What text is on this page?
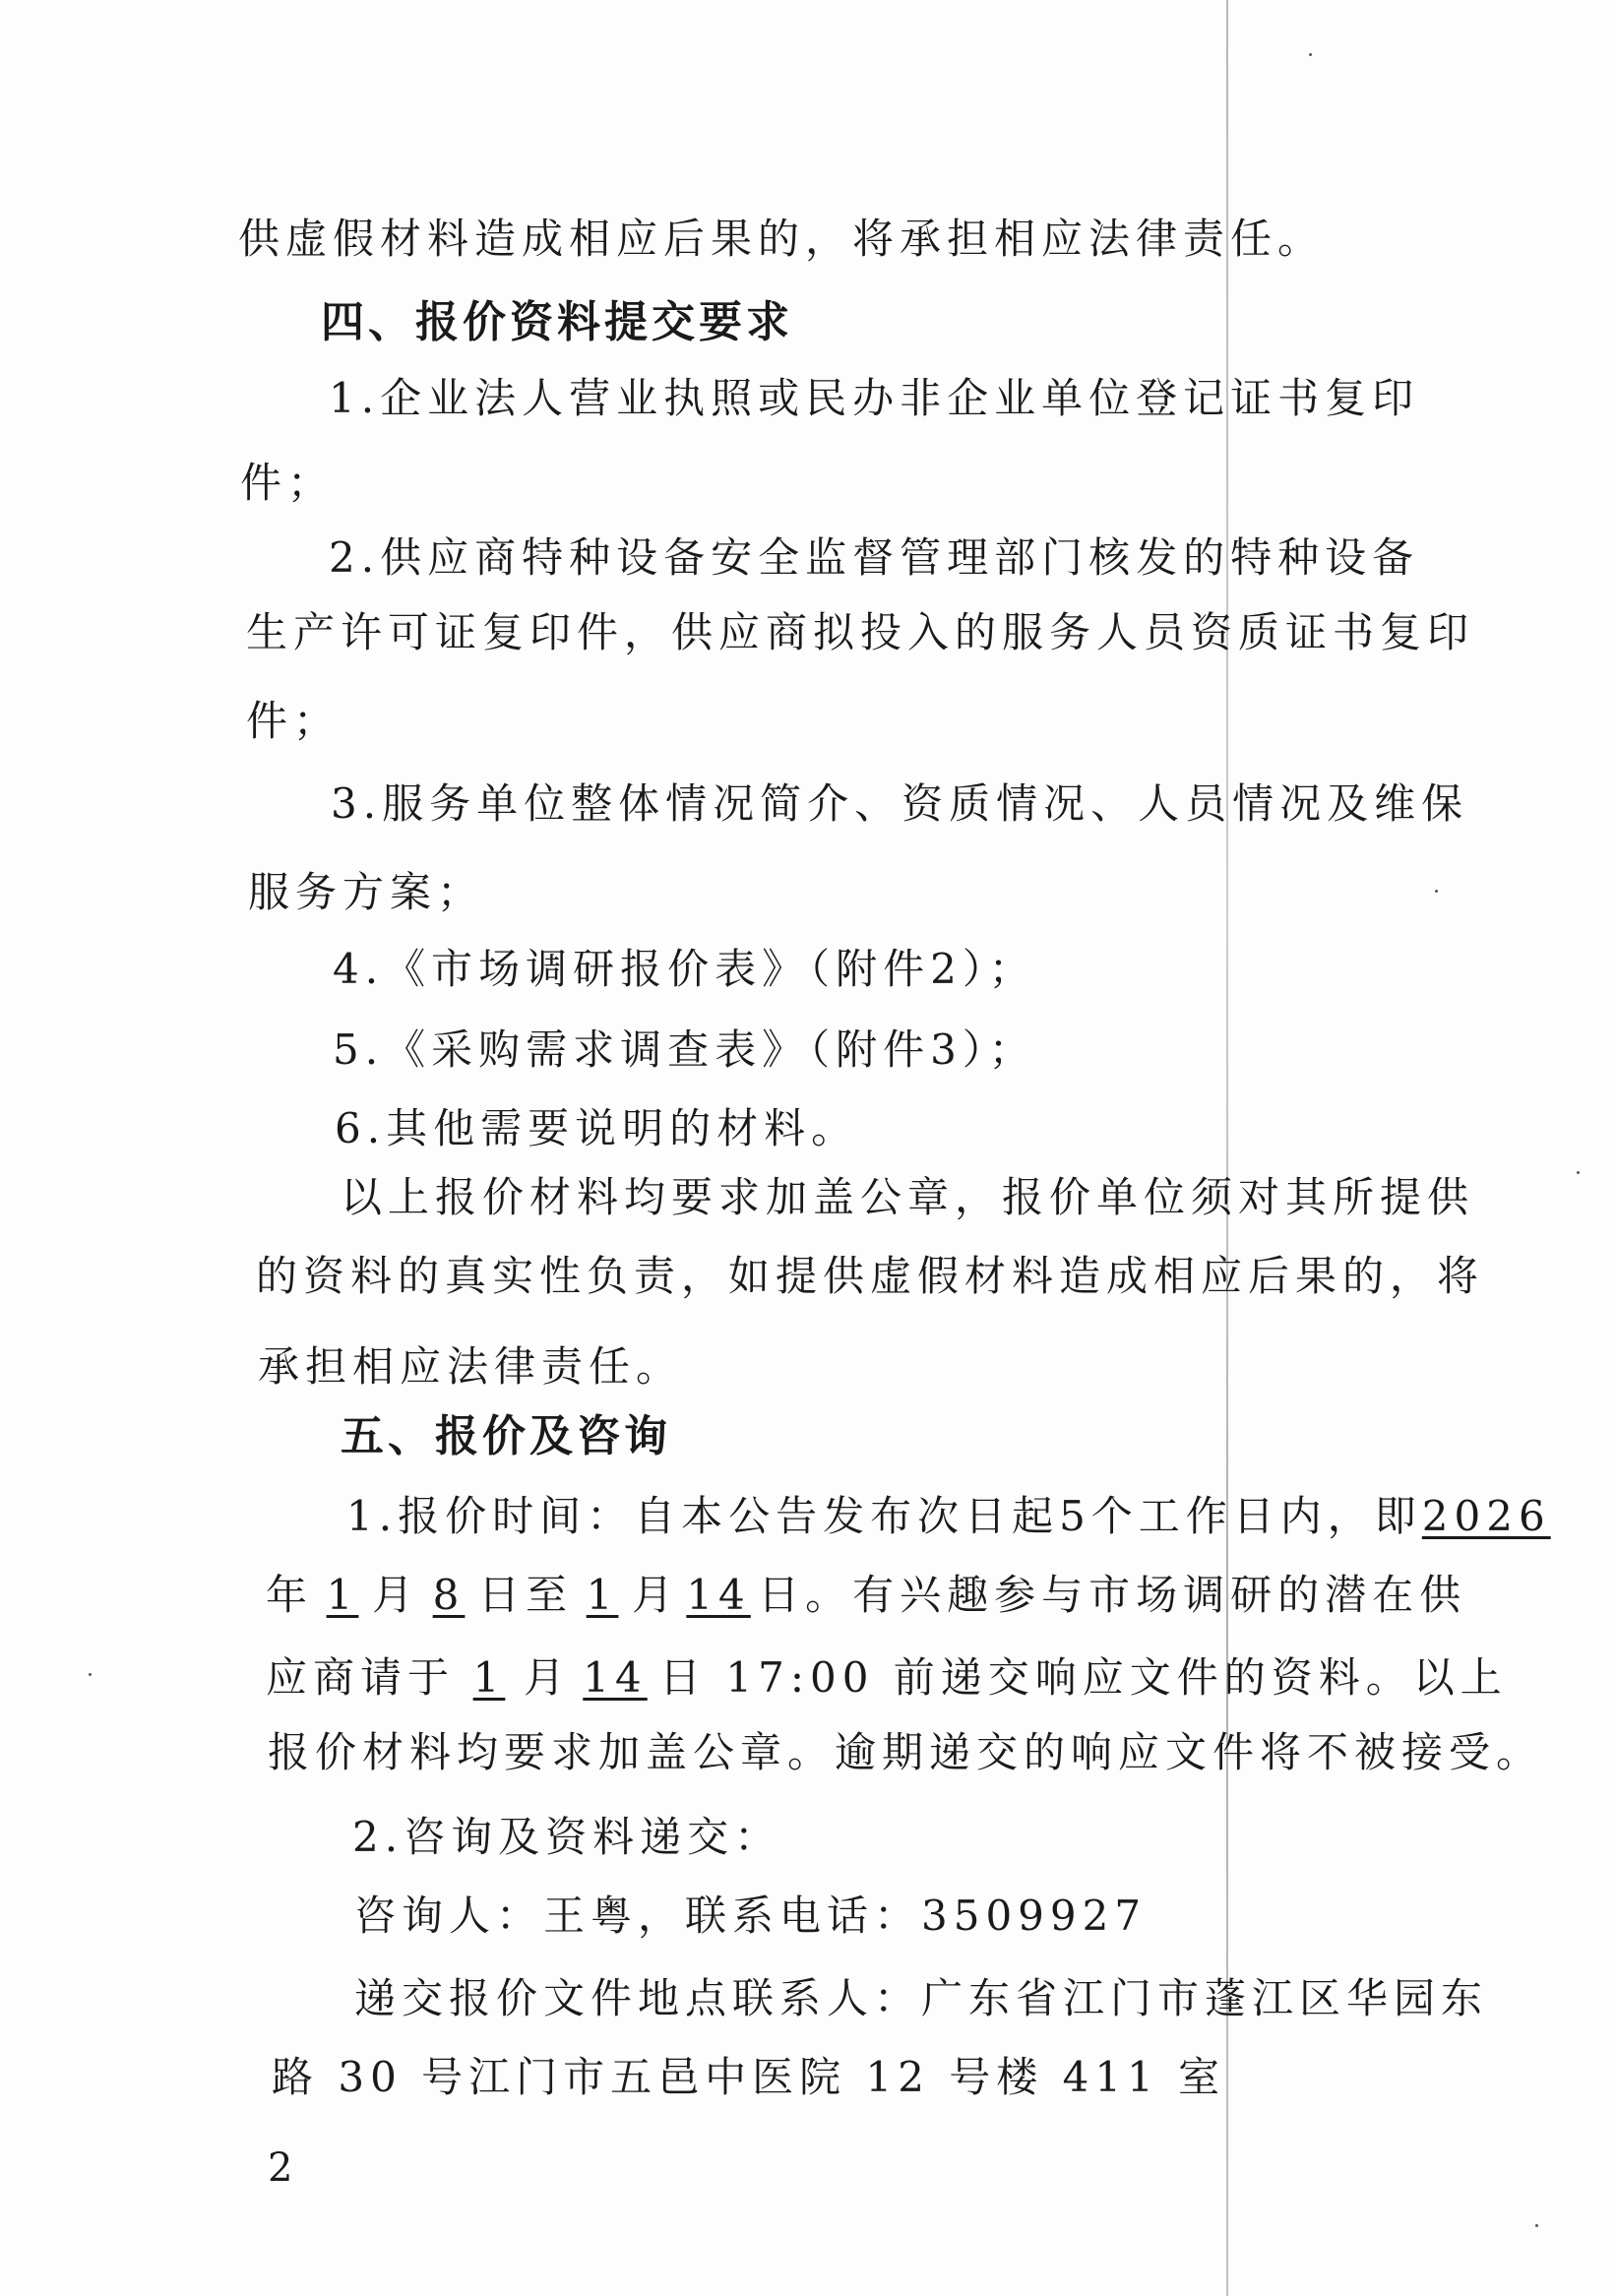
供虚假材料造成相应后果的，将承担相应法律责任。
四、报价资料提交要求
1.企业法人营业执照或民办非企业单位登记证书复印
件；
2.供应商特种设备安全监督管理部门核发的特种设备
生产许可证复印件，供应商拟投入的服务人员资质证书复印
件；
3.服务单位整体情况简介、资质情况、人员情况及维保
服务方案；
4.《市场调研报价表》（附件2）；
5.《采购需求调查表》（附件3）；
6.其他需要说明的材料。
以上报价材料均要求加盖公章，报价单位须对其所提供
的资料的真实性负责，如提供虚假材料造成相应后果的，将
承担相应法律责任。
五、报价及咨询
1.报价时间：自本公告发布次日起5个工作日内，即2026
年 1 月 8 日至 1 月 14 日。有兴趣参与市场调研的潜在供
应商请于 1 月 14 日 17:00 前递交响应文件的资料。以上
报价材料均要求加盖公章。逾期递交的响应文件将不被接受。
2.咨询及资料递交：
咨询人：王粤，联系电话：3509927
递交报价文件地点联系人：广东省江门市蓬江区华园东
路 30 号江门市五邑中医院 12 号楼 411 室
2
